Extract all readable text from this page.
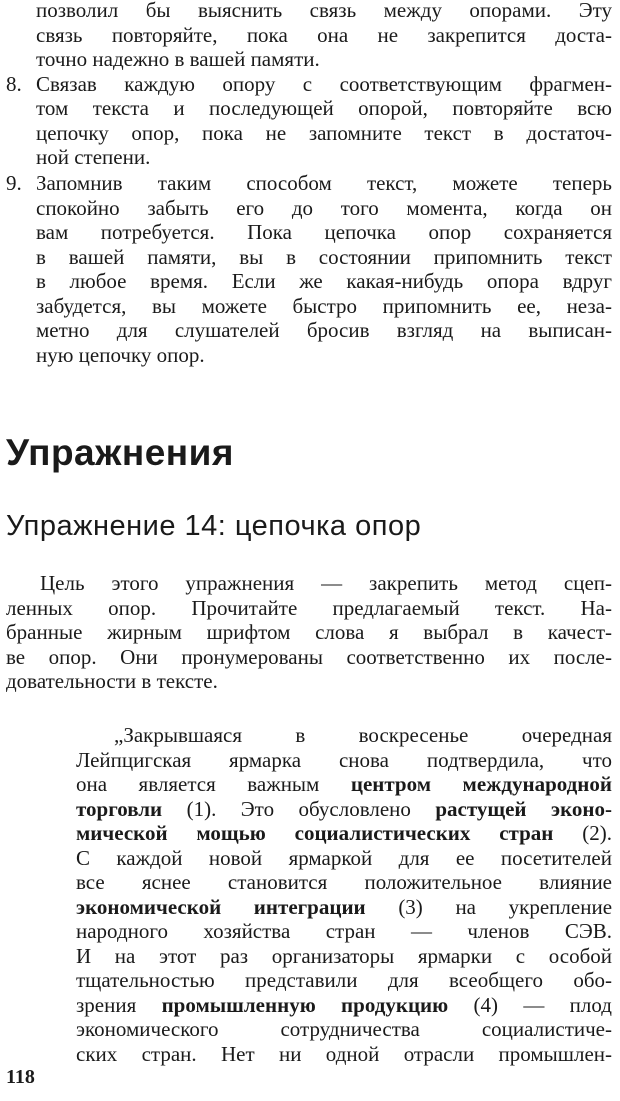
позволил бы выяснить связь между опорами. Эту
связь повторяйте, пока она не закрепится доста-
точно надежно в вашей памяти.
8. Связав каждую опору с соответствующим фрагмен-
том текста и последующей опорой, повторяйте всю
цепочку опор, пока не запомните текст в достаточ-
ной степени.
9. Запомнив таким способом текст, можете теперь
спокойно забыть его до того момента, когда он
вам потребуется. Пока цепочка опор сохраняется
в вашей памяти, вы в состоянии припомнить текст
в любое время. Если же какая-нибудь опора вдруг
забудется, вы можете быстро припомнить ее, неза-
метно для слушателей бросив взгляд на выписан-
ную цепочку опор.
Упражнения
Упражнение 14: цепочка опор
Цель этого упражнения — закрепить метод сцеп-
ленных опор. Прочитайте предлагаемый текст. На-
бранные жирным шрифтом слова я выбрал в качест-
ве опор. Они пронумерованы соответственно их после-
довательности в тексте.
„Закрывшаяся в воскресенье очередная
Лейпцигская ярмарка снова подтвердила, что
она является важным центром международной
торговли (1). Это обусловлено растущей эконо-
мической мощью социалистических стран (2).
С каждой новой ярмаркой для ее посетителей
все яснее становится положительное влияние
экономической интеграции (3) на укрепление
народного хозяйства стран — членов СЭВ.
И на этот раз организаторы ярмарки с особой
тщательностью представили для всеобщего обо-
зрения промышленную продукцию (4) — плод
экономического сотрудничества социалистиче-
ских стран. Нет ни одной отрасли промышлен-
118
